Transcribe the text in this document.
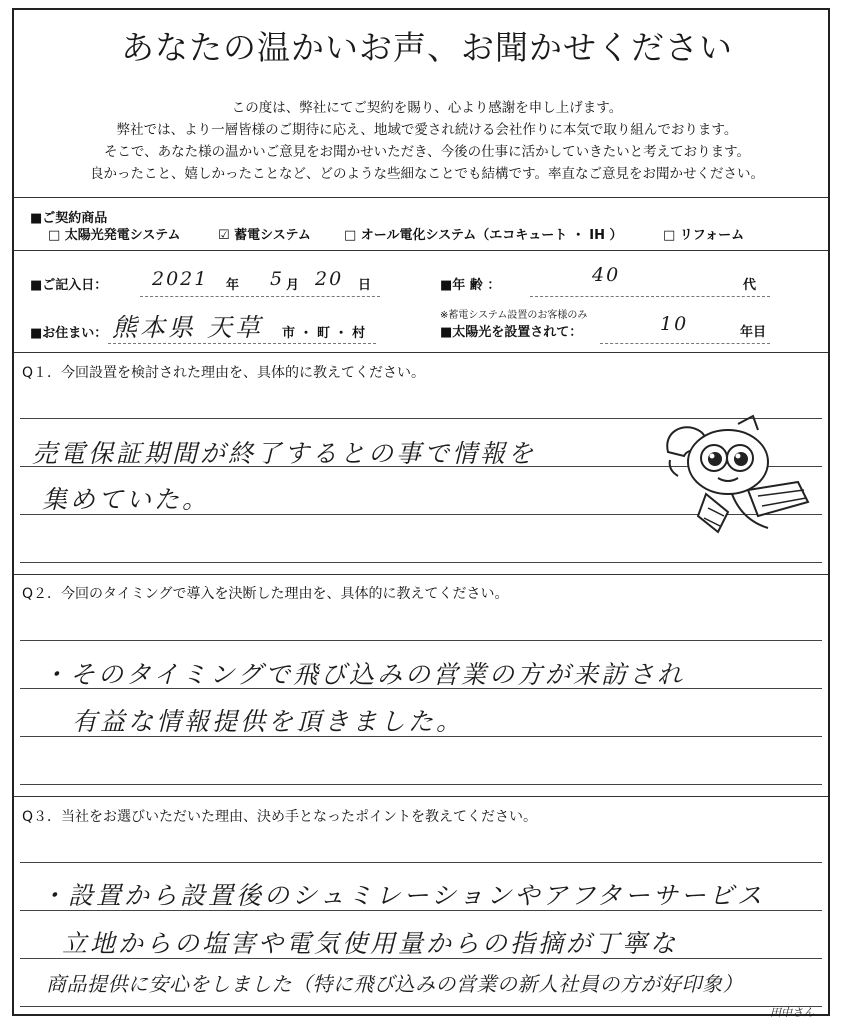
あなたの温かいお声、お聞かせください
この度は、弊社にてご契約を賜り、心より感謝を申し上げます。
弊社では、より一層皆様のご期待に応え、地域で愛され続ける会社作りに本気で取り組んでおります。
そこで、あなた様の温かいご意見をお聞かせいただき、今後の仕事に活かしていきたいと考えております。
良かったこと、嬉しかったことなど、どのような些細なことでも結構です。率直なご意見をお聞かせください。
■ご契約商品
□ 太陽光発電システム	☑ 蓄電システム	□ オール電化システム（エコキュート ・ IH ）	□ リフォーム
■ご記入日： 2021 年 5 月 20 日	■年 齢 ：	40	代
■お住まい： 熊本県 天草 市 ・ 町 ・ 村
※蓄電システム設置のお客様のみ
■太陽光を設置されて：	10	年目
Q１．今回設置を検討された理由を、具体的に教えてください。
売電保証期間が終了するとの事で情報を
集めていた。
Q２．今回のタイミングで導入を決断した理由を、具体的に教えてください。
・そのタイミングで飛び込みの営業の方が来訪され
有益な情報提供を頂きました。
Q３．当社をお選びいただいた理由、決め手となったポイントを教えてください。
・設置から設置後のシュミレーションやアフターサービス
立地からの塩害や電気使用量からの指摘が丁寧な
商品提供に安心をしました（特に飛び込みの営業の新人社員の方が好印象）
田中さん
